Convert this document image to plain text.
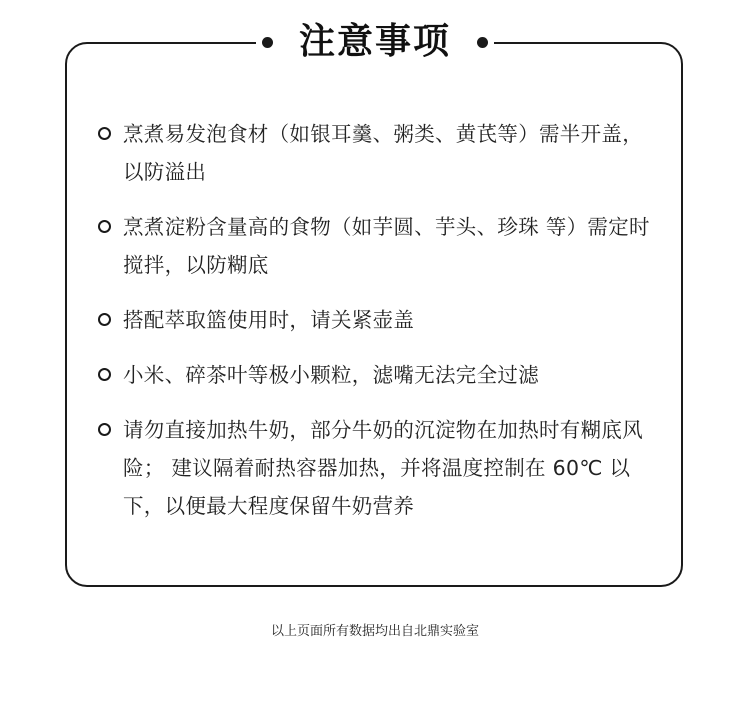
注意事项
烹煮易发泡食材（如银耳羹、粥类、黄芪等）需半开盖，以防溢出
烹煮淀粉含量高的食物（如芋圆、芋头、珍珠 等）需定时搅拌，以防糊底
搭配萃取篮使用时，请关紧壶盖
小米、碎茶叶等极小颗粒，滤嘴无法完全过滤
请勿直接加热牛奶，部分牛奶的沉淀物在加热时有糊底风险； 建议隔着耐热容器加热，并将温度控制在 60℃ 以下，以便最大程度保留牛奶营养
以上页面所有数据均出自北鼎实验室
